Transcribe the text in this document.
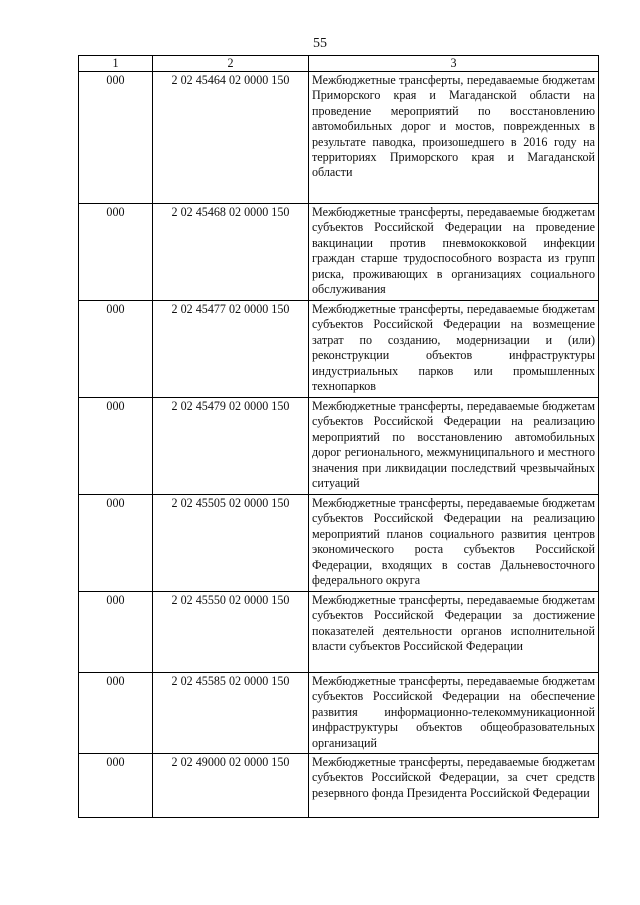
55
1	2	3
000	2 02 45464 02 0000 150	Межбюджетные трансферты, передаваемые бюджетам Приморского края и Магаданской области на проведение мероприятий по восстановлению автомобильных дорог и мостов, поврежденных в результате паводка, произошедшего в 2016 году на территориях Приморского края и Магаданской области
000	2 02 45468 02 0000 150	Межбюджетные трансферты, передаваемые бюджетам субъектов Российской Федерации на проведение вакцинации против пневмококковой инфекции граждан старше трудоспособного возраста из групп риска, проживающих в организациях социального обслуживания
000	2 02 45477 02 0000 150	Межбюджетные трансферты, передаваемые бюджетам субъектов Российской Федерации на возмещение затрат по созданию, модернизации и (или) реконструкции объектов инфраструктуры индустриальных парков или промышленных технопарков
000	2 02 45479 02 0000 150	Межбюджетные трансферты, передаваемые бюджетам субъектов Российской Федерации на реализацию мероприятий по восстановлению автомобильных дорог регионального, межмуниципального и местного значения при ликвидации последствий чрезвычайных ситуаций
000	2 02 45505 02 0000 150	Межбюджетные трансферты, передаваемые бюджетам субъектов Российской Федерации на реализацию мероприятий планов социального развития центров экономического роста субъектов Российской Федерации, входящих в состав Дальневосточного федерального округа
000	2 02 45550 02 0000 150	Межбюджетные трансферты, передаваемые бюджетам субъектов Российской Федерации за достижение показателей деятельности органов исполнительной власти субъектов Российской Федерации
000	2 02 45585 02 0000 150	Межбюджетные трансферты, передаваемые бюджетам субъектов Российской Федерации на обеспечение развития информационно-телекоммуникационной инфраструктуры объектов общеобразовательных организаций
000	2 02 49000 02 0000 150	Межбюджетные трансферты, передаваемые бюджетам субъектов Российской Федерации, за счет средств резервного фонда Президента Российской Федерации
